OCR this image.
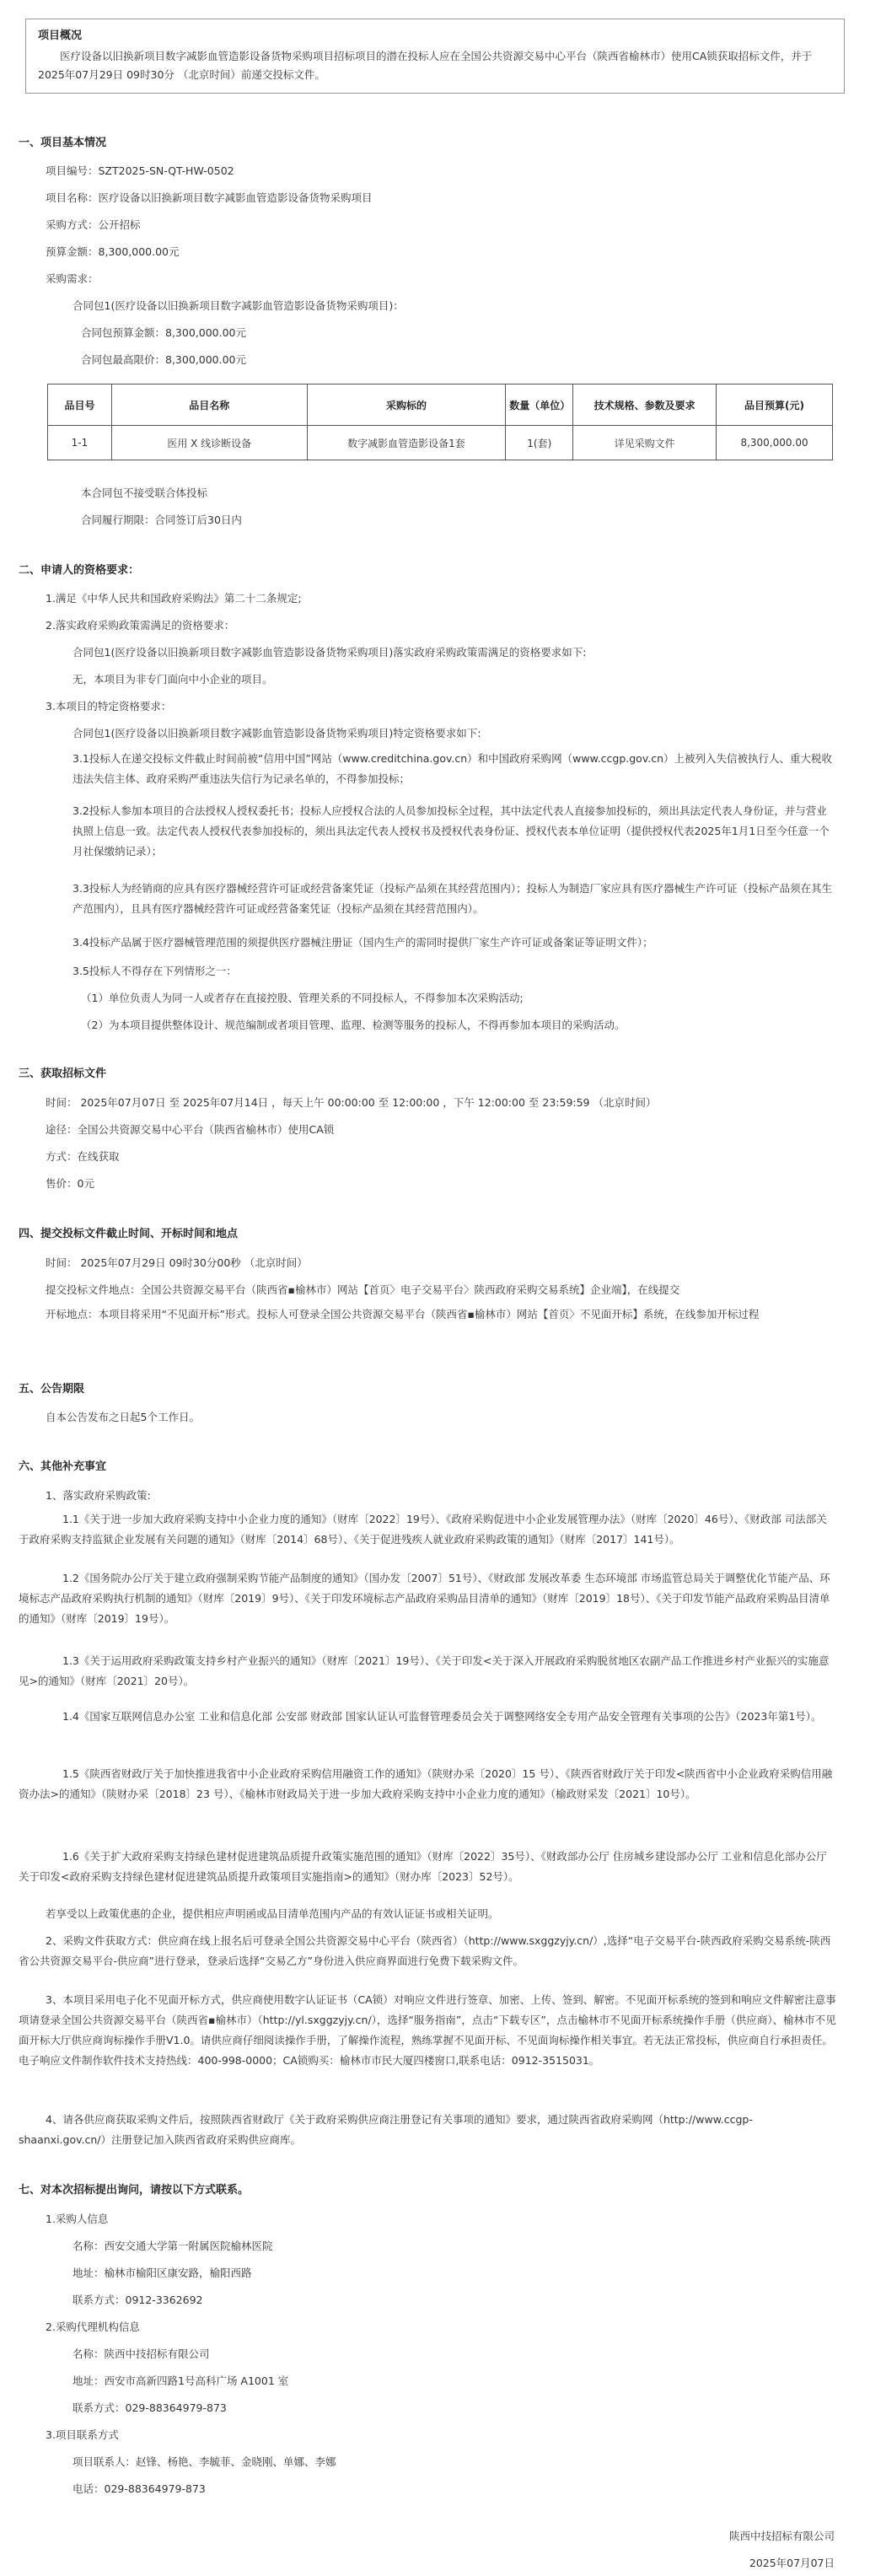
项目概况

医疗设备以旧换新项目数字减影血管造影设备货物采购项目招标项目的潜在投标人应在全国公共资源交易中心平台（陕西省榆林市）使用CA锁获取招标文件，并于 2025年07月29日 09时30分 （北京时间）前递交投标文件。

一、项目基本情况
项目编号：SZT2025-SN-QT-HW-0502
项目名称：医疗设备以旧换新项目数字减影血管造影设备货物采购项目
采购方式：公开招标
预算金额：8,300,000.00元
采购需求：
合同包1(医疗设备以旧换新项目数字减影血管造影设备货物采购项目)：
合同包预算金额：8,300,000.00元
合同包最高限价：8,300,000.00元
品目号	品目名称	采购标的	数量（单位）	技术规格、参数及要求	品目预算(元)
1-1	医用 X 线诊断设备	数字减影血管造影设备1套	1(套)	详见采购文件	8,300,000.00
本合同包不接受联合体投标
合同履行期限：合同签订后30日内
二、申请人的资格要求：
1.满足《中华人民共和国政府采购法》第二十二条规定;
2.落实政府采购政策需满足的资格要求：
合同包1(医疗设备以旧换新项目数字减影血管造影设备货物采购项目)落实政府采购政策需满足的资格要求如下:
无，本项目为非专门面向中小企业的项目。
3.本项目的特定资格要求：
合同包1(医疗设备以旧换新项目数字减影血管造影设备货物采购项目)特定资格要求如下:
3.1投标人在递交投标文件截止时间前被“信用中国”网站（www.creditchina.gov.cn）和中国政府采购网（www.ccgp.gov.cn）上被列入失信被执行人、重大税收违法失信主体、政府采购严重违法失信行为记录名单的，不得参加投标；
3.2投标人参加本项目的合法授权人授权委托书；投标人应授权合法的人员参加投标全过程，其中法定代表人直接参加投标的，须出具法定代表人身份证，并与营业执照上信息一致。法定代表人授权代表参加投标的，须出具法定代表人授权书及授权代表身份证、授权代表本单位证明（提供授权代表2025年1月1日至今任意一个月社保缴纳记录）；
3.3投标人为经销商的应具有医疗器械经营许可证或经营备案凭证（投标产品须在其经营范围内）；投标人为制造厂家应具有医疗器械生产许可证（投标产品须在其生产范围内），且具有医疗器械经营许可证或经营备案凭证（投标产品须在其经营范围内）。
3.4投标产品属于医疗器械管理范围的须提供医疗器械注册证（国内生产的需同时提供厂家生产许可证或备案证等证明文件）；
3.5投标人不得存在下列情形之一：
（1）单位负责人为同一人或者存在直接控股、管理关系的不同投标人，不得参加本次采购活动;
（2）为本项目提供整体设计、规范编制或者项目管理、监理、检测等服务的投标人，不得再参加本项目的采购活动。
三、获取招标文件
时间： 2025年07月07日 至 2025年07月14日 ，每天上午 00:00:00 至 12:00:00 ，下午 12:00:00 至 23:59:59 （北京时间）
途径：全国公共资源交易中心平台（陕西省榆林市）使用CA锁
方式：在线获取
售价：0元
四、提交投标文件截止时间、开标时间和地点
时间： 2025年07月29日 09时30分00秒 （北京时间）
提交投标文件地点：全国公共资源交易平台（陕西省▪榆林市）网站【首页〉电子交易平台〉陕西政府采购交易系统】企业端】，在线提交
开标地点：本项目将采用“不见面开标”形式。投标人可登录全国公共资源交易平台（陕西省▪榆林市）网站【首页〉不见面开标】系统，在线参加开标过程
五、公告期限
自本公告发布之日起5个工作日。
六、其他补充事宜
1、落实政府采购政策:
1.1《关于进一步加大政府采购支持中小企业力度的通知》（财库〔2022〕19号）、《政府采购促进中小企业发展管理办法》（财库〔2020〕46号）、《财政部 司法部关于政府采购支持监狱企业发展有关问题的通知》（财库〔2014〕68号）、《关于促进残疾人就业政府采购政策的通知》（财库〔2017〕141号）。
1.2《国务院办公厅关于建立政府强制采购节能产品制度的通知》（国办发〔2007〕51号）、《财政部 发展改革委 生态环境部 市场监管总局关于调整优化节能产品、环境标志产品政府采购执行机制的通知》（财库〔2019〕9号）、《关于印发环境标志产品政府采购品目清单的通知》（财库〔2019〕18号）、《关于印发节能产品政府采购品目清单的通知》（财库〔2019〕19号）。
1.3《关于运用政府采购政策支持乡村产业振兴的通知》（财库〔2021〕19号）、《关于印发<关于深入开展政府采购脱贫地区农副产品工作推进乡村产业振兴的实施意见>的通知》（财库〔2021〕20号）。
1.4《国家互联网信息办公室 工业和信息化部 公安部 财政部 国家认证认可监督管理委员会关于调整网络安全专用产品安全管理有关事项的公告》（2023年第1号）。
1.5《陕西省财政厅关于加快推进我省中小企业政府采购信用融资工作的通知》（陕财办采〔2020〕15 号）、《陕西省财政厅关于印发<陕西省中小企业政府采购信用融资办法>的通知》（陕财办采〔2018〕23 号）、《榆林市财政局关于进一步加大政府采购支持中小企业力度的通知》（榆政财采发〔2021〕10号）。
1.6《关于扩大政府采购支持绿色建材促进建筑品质提升政策实施范围的通知》（财库〔2022〕35号）、《财政部办公厅 住房城乡建设部办公厅 工业和信息化部办公厅关于印发<政府采购支持绿色建材促进建筑品质提升政策项目实施指南>的通知》（财办库〔2023〕52号）。
若享受以上政策优惠的企业，提供相应声明函或品目清单范围内产品的有效认证证书或相关证明。
2、采购文件获取方式：供应商在线上报名后可登录全国公共资源交易中心平台（陕西省）（http://www.sxggzyjy.cn/）,选择“电子交易平台-陕西政府采购交易系统-陕西省公共资源交易平台-供应商”进行登录，登录后选择“交易乙方”身份进入供应商界面进行免费下载采购文件。
3、本项目采用电子化不见面开标方式，供应商使用数字认证证书（CA锁）对响应文件进行签章、加密、上传、签到、解密。不见面开标系统的签到和响应文件解密注意事项请登录全国公共资源交易平台（陕西省▪榆林市）（http://yl.sxggzyjy.cn/），选择“服务指南”，点击“下载专区”，点击榆林市不见面开标系统操作手册（供应商）、榆林市不见面开标大厅供应商询标操作手册V1.0。请供应商仔细阅读操作手册，了解操作流程，熟练掌握不见面开标、不见面询标操作相关事宜。若无法正常投标，供应商自行承担责任。电子响应文件制作软件技术支持热线：400-998-0000；CA锁购买：榆林市市民大厦四楼窗口,联系电话：0912-3515031。
4、请各供应商获取采购文件后，按照陕西省财政厅《关于政府采购供应商注册登记有关事项的通知》要求，通过陕西省政府采购网（http://www.ccgp-shaanxi.gov.cn/）注册登记加入陕西省政府采购供应商库。
七、对本次招标提出询问，请按以下方式联系。
1.采购人信息
名称：西安交通大学第一附属医院榆林医院
地址：榆林市榆阳区康安路，榆阳西路
联系方式：0912-3362692
2.采购代理机构信息
名称：陕西中技招标有限公司
地址：西安市高新四路1号高科广场 A1001 室
联系方式：029-88364979-873
3.项目联系方式
项目联系人：赵锋、杨艳、李毓菲、金晓刚、单娜、李娜
电话：029-88364979-873
陕西中技招标有限公司
2025年07月07日
